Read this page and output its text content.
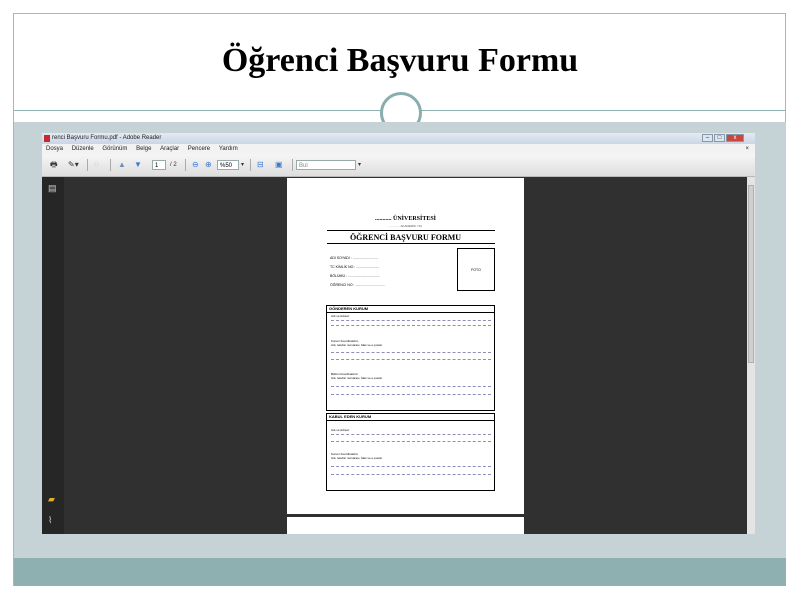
Öğrenci Başvuru Formu
renci Başvuru Formu.pdf - Adobe Reader	–	□	x
Dosya Düzenle Görünüm Belge Araçlar Pencere Yardım	×
🖶 ✎▾ ◌ ▲ ▼	1	/ 2 ⊖ ⊕	%50	▾ ⊟ ▣	Bul	▾
▤
▰
⌇
........... ÜNİVERSİTESİ
......-...... AKADEMİK YILI
ÖĞRENCİ BAŞVURU FORMU
ADI SOYADI : ..........................
TC KİMLİK NO : .......................
BÖLÜMÜ : .................................
ÖĞRENCİ NO : ..............................
FOTO
GÖNDEREN KURUM
Adı ve Adresi:
Kurum Koordinatörü,
Adı, telefon numarası, faks ve e-posta:
Bölüm Koordinatörü
Adı, telefon numarası, faks ve e-posta:
KABUL EDEN KURUM
Adı ve Adresi:
Kurum Koordinatörü
Adı, telefon numarası, faks ve e-posta:
